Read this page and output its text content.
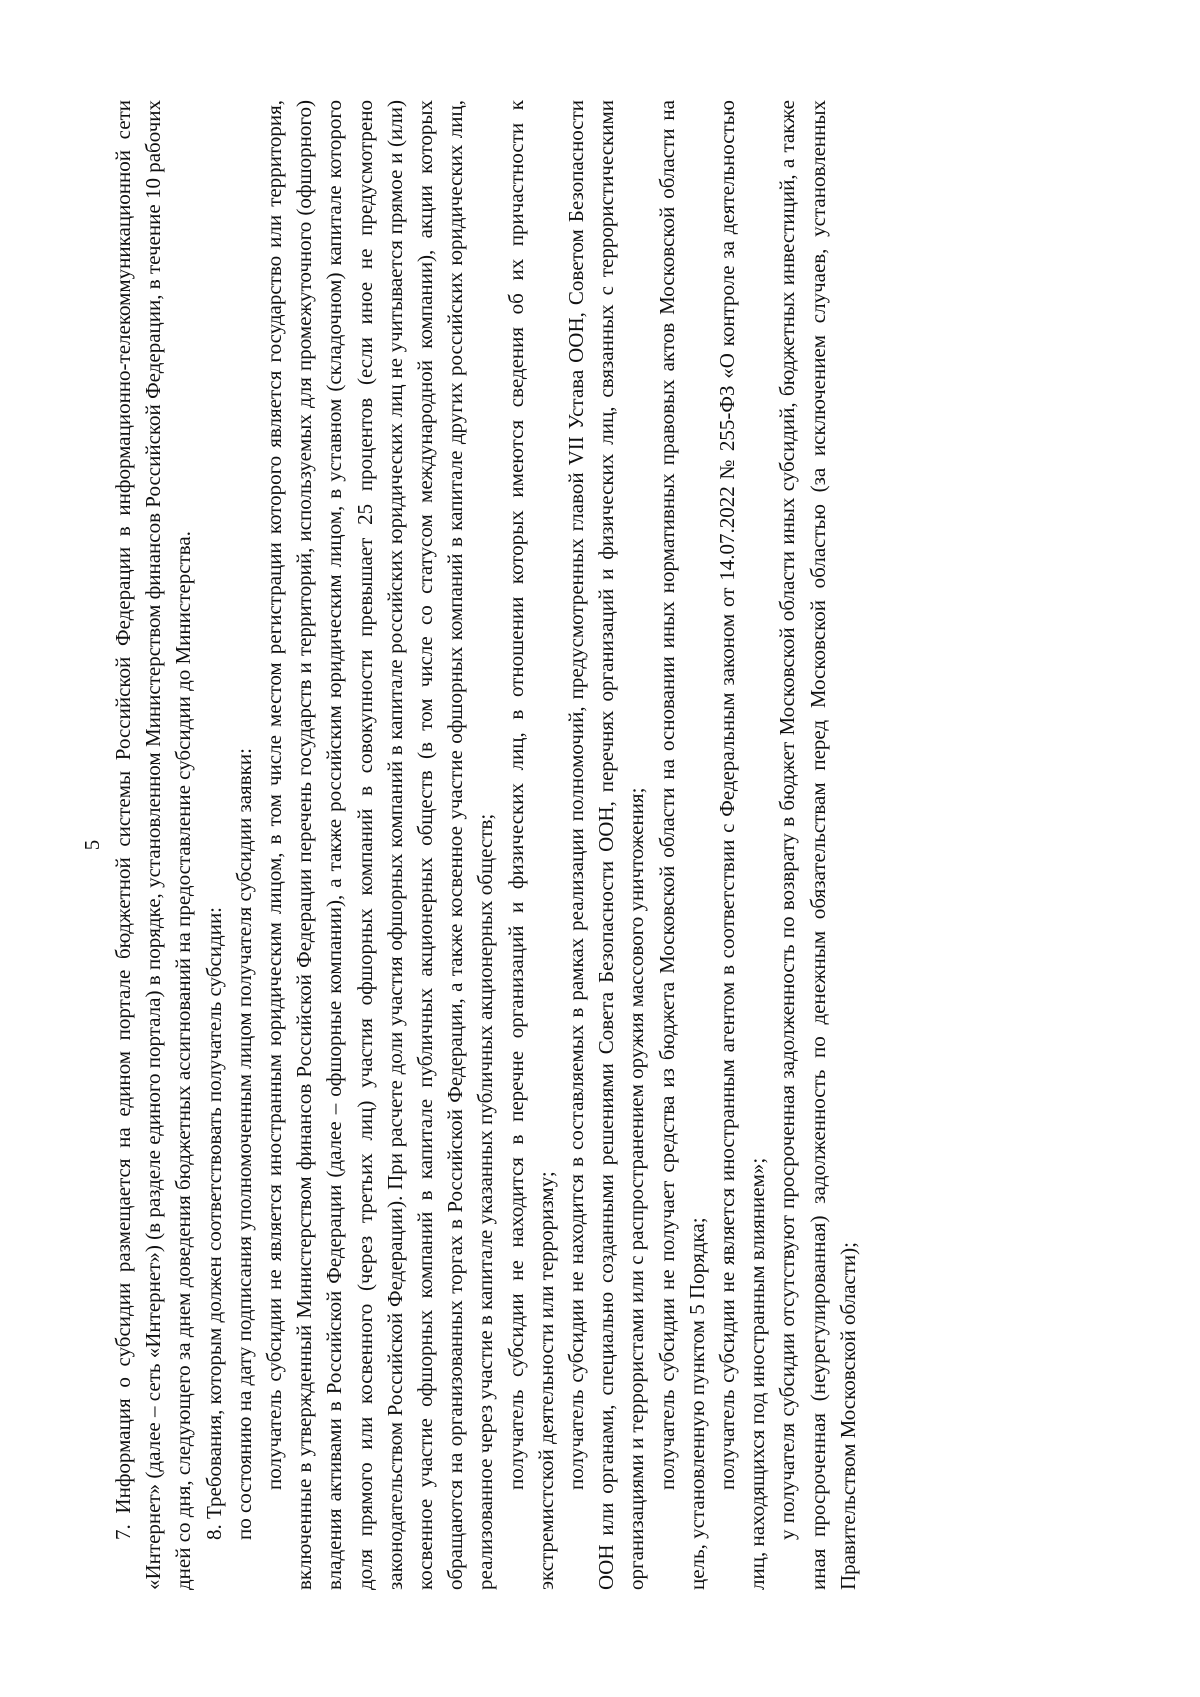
5 7. Информация о субсидии размещается на едином портале бюджетной системы Российской Федерации в информационно-телекоммуникационной сети «Интернет» (далее – сеть «Интернет») (в разделе единого портала) в порядке, установленном Министерством финансов Российской Федерации, в течение 10 рабочих дней со дня, следующего за днем доведения бюджетных ассигнований на предоставление субсидии до Министерства. 8. Требования, которым должен соответствовать получатель субсидии: по состоянию на дату подписания уполномоченным лицом получателя субсидии заявки: получатель субсидии не является иностранным юридическим лицом, в том числе местом регистрации которого является государство или территория, включенные в утвержденный Министерством финансов Российской Федерации перечень государств и территорий, используемых для промежуточного (офшорного) владения активами в Российской Федерации (далее – офшорные компании), а также российским юридическим лицом, в уставном (складочном) капитале которого доля прямого или косвенного (через третьих лиц) участия офшорных компаний в совокупности превышает 25 процентов (если иное не предусмотрено законодательством Российской Федерации). При расчете доли участия офшорных компаний в капитале российских юридических лиц не учитывается прямое и (или) косвенное участие офшорных компаний в капитале публичных акционерных обществ (в том числе со статусом международной компании), акции которых обращаются на организованных торгах в Российской Федерации, а также косвенное участие офшорных компаний в капитале других российских юридических лиц, реализованное через участие в капитале указанных публичных акционерных обществ; получатель субсидии не находится в перечне организаций и физических лиц, в отношении которых имеются сведения об их причастности к экстремистской деятельности или терроризму; получатель субсидии не находится в составляемых в рамках реализации полномочий, предусмотренных главой VII Устава ООН, Советом Безопасности ООН или органами, специально созданными решениями Совета Безопасности ООН, перечнях организаций и физических лиц, связанных с террористическими организациями и террористами или с распространением оружия массового уничтожения; получатель субсидии не получает средства из бюджета Московской области на основании иных нормативных правовых актов Московской области на цель, установленную пунктом 5 Порядка; получатель субсидии не является иностранным агентом в соответствии с Федеральным законом от 14.07.2022 № 255-ФЗ «О контроле за деятельностью лиц, находящихся под иностранным влиянием»; у получателя субсидии отсутствуют просроченная задолженность по возврату в бюджет Московской области иных субсидий, бюджетных инвестиций, а также иная просроченная (неурегулированная) задолженность по денежным обязательствам перед Московской областью (за исключением случаев, установленных Правительством Московской области);
